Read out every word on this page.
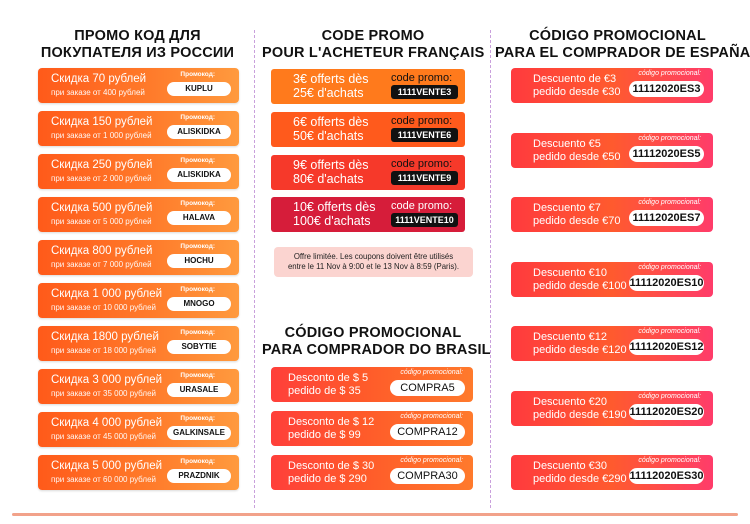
ПРОМО КОД ДЛЯ
ПОКУПАТЕЛЯ ИЗ РОССИИ
CODE PROMO
POUR L'ACHETEUR FRANÇAIS
CÓDIGO PROMOCIONAL
PARA EL COMPRADOR DE ESPAÑA
CÓDIGO PROMOCIONAL
PARA COMPRADOR DO BRASIL
Скидка 70 рублей
при заказе от 400 рублей
Промокод:
KUPLU
Скидка 150 рублей
при заказе от 1 000 рублей
Промокод:
ALISKIDKA
Скидка 250 рублей
при заказе от 2 000 рублей
Промокод:
ALISKIDKA
Скидка 500 рублей
при заказе от 5 000 рублей
Промокод:
HALAVA
Скидка 800 рублей
при заказе от 7 000 рублей
Промокод:
HOCHU
Скидка 1 000 рублей
при заказе от 10 000 рублей
Промокод:
MNOGO
Скидка 1800 рублей
при заказе от 18 000 рублей
Промокод:
SOBYTIE
Скидка 3 000 рублей
при заказе от 35 000 рублей
Промокод:
URASALE
Скидка 4 000 рублей
при заказе от 45 000 рублей
Промокод:
GALKINSALE
Скидка 5 000 рублей
при заказе от 60 000 рублей
Промокод:
PRAZDNIK
3€ offerts dès
25€ d'achats
code promo:
1111VENTE3
6€ offerts dès
50€ d'achats
code promo:
1111VENTE6
9€ offerts dès
80€ d'achats
code promo:
1111VENTE9
10€ offerts dès
100€ d'achats
code promo:
1111VENTE10
Offre limitée. Les coupons doivent être utilisés
entre le 11 Nov à 9:00 et le 13 Nov à 8:59 (Paris).
Desconto de $ 5
pedido de $ 35
código promocional:
COMPRA5
Desconto de $ 12
pedido de $ 99
código promocional:
COMPRA12
Desconto de $ 30
pedido de $ 290
código promocional:
COMPRA30
Descuento de €3
pedido desde €30
código promocional:
11112020ES3
Descuento €5
pedido desde €50
código promocional:
11112020ES5
Descuento €7
pedido desde €70
código promocional:
11112020ES7
Descuento €10
pedido desde €100
código promocional:
11112020ES10
Descuento €12
pedido desde €120
código promocional:
11112020ES12
Descuento €20
pedido desde €190
código promocional:
11112020ES20
Descuento €30
pedido desde €290
código promocional:
11112020ES30
